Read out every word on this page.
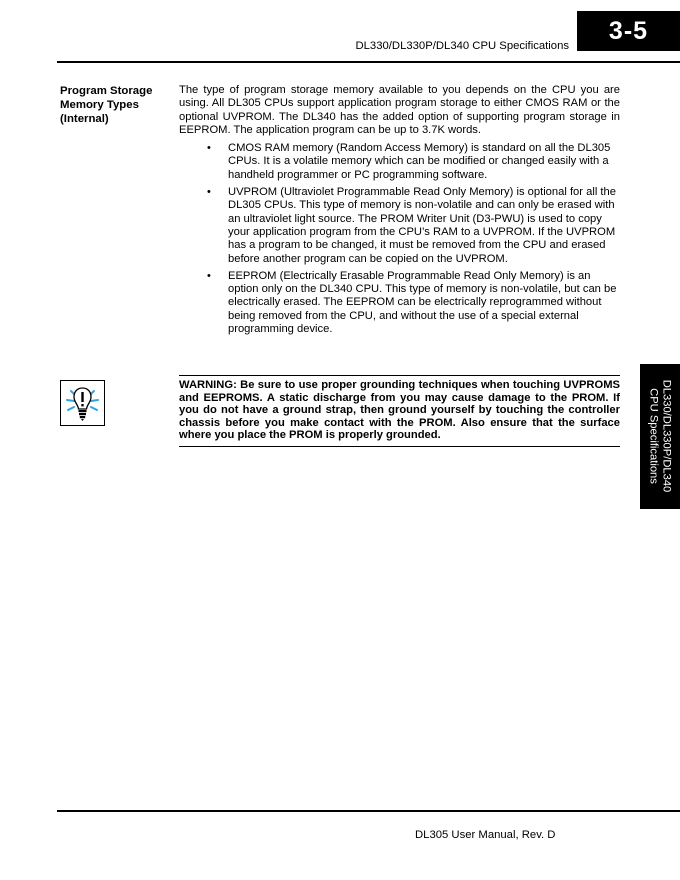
3-5
DL330/DL330P/DL340 CPU Specifications
Program Storage
Memory Types
(Internal)
The type of program storage memory available to you depends on the CPU you are using. All DL305 CPUs support application program storage to either CMOS RAM or the optional UVPROM. The DL340 has the added option of supporting program storage in EEPROM. The application program can be up to 3.7K words.
• CMOS RAM memory (Random Access Memory) is standard on all the DL305 CPUs. It is a volatile memory which can be modified or changed easily with a handheld programmer or PC programming software.
• UVPROM (Ultraviolet Programmable Read Only Memory) is optional for all the DL305 CPUs. This type of memory is non-volatile and can only be erased with an ultraviolet light source. The PROM Writer Unit (D3-PWU) is used to copy your application program from the CPU’s RAM to a UVPROM. If the UVPROM has a program to be changed, it must be removed from the CPU and erased before another program can be copied on the UVPROM.
• EEPROM (Electrically Erasable Programmable Read Only Memory) is an option only on the DL340 CPU. This type of memory is non-volatile, but can be electrically erased. The EEPROM can be electrically reprogrammed without being removed from the CPU, and without the use of a special external programming device.
WARNING: Be sure to use proper grounding techniques when touching UVPROMS and EEPROMS. A static discharge from you may cause damage to the PROM. If you do not have a ground strap, then ground yourself by touching the controller chassis before you make contact with the PROM. Also ensure that the surface where you place the PROM is properly grounded.	DL330/DL330P/DL340
CPU Specifications
DL305 User Manual, Rev. D
